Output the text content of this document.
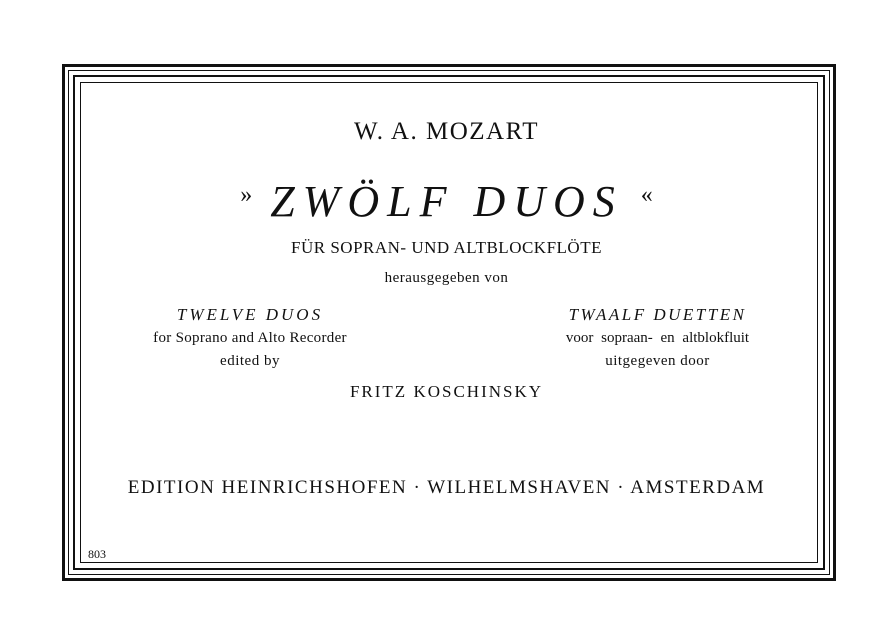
W. A. MOZART
» ZWÖLF DUOS «
FÜR SOPRAN- UND ALTBLOCKFLÖTE
herausgegeben von
TWELVE DUOS
for Soprano and Alto Recorder
edited by
TWAALF DUETTEN
voor sopraan- en altblokfluit
uitgegeven door
FRITZ KOSCHINSKY
EDITION HEINRICHSHOFEN · WILHELMSHAVEN · AMSTERDAM
803
